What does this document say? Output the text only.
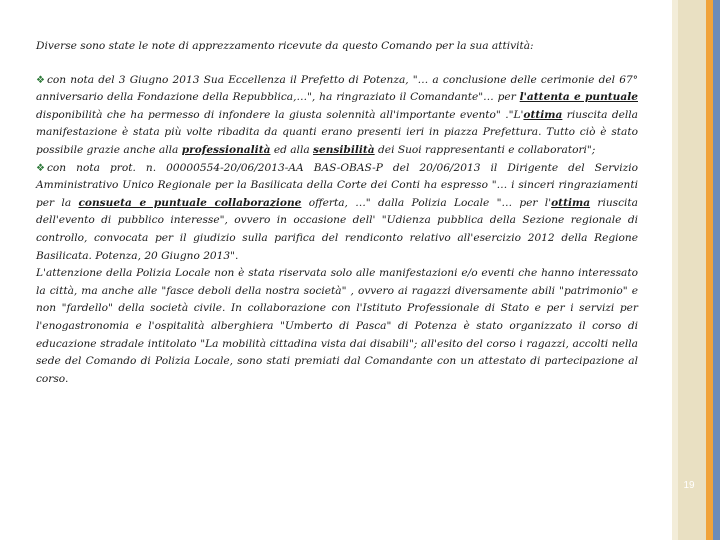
Diverse sono state le note di apprezzamento ricevute da questo Comando per la sua attività:

❖ con nota del 3 Giugno 2013 Sua Eccellenza il Prefetto di Potenza, "… a conclusione delle cerimonie del 67° anniversario della Fondazione della Repubblica,…", ha ringraziato il Comandante"… per l'attenta e puntuale disponibilità che ha permesso di infondere la giusta solennità all'importante evento" ."L'ottima riuscita della manifestazione è stata più volte ribadita da quanti erano presenti ieri in piazza Prefettura. Tutto ciò è stato possibile grazie anche alla professionalità ed alla sensibilità dei Suoi rappresentanti e collaboratori";

❖ con nota prot. n. 00000554-20/06/2013-AA BAS-OBAS-P del 20/06/2013 il Dirigente del Servizio Amministrativo Unico Regionale per la Basilicata della Corte dei Conti ha espresso "… i sinceri ringraziamenti per la consueta e puntuale collaborazione offerta, …" dalla Polizia Locale "… per l'ottima riuscita dell'evento di pubblico interesse", ovvero in occasione dell' "Udienza pubblica della Sezione regionale di controllo, convocata per il giudizio sulla parifica del rendiconto relativo all'esercizio 2012 della Regione Basilicata. Potenza, 20 Giugno 2013".

L'attenzione della Polizia Locale non è stata riservata solo alle manifestazioni e/o eventi che hanno interessato la città, ma anche alle "fasce deboli della nostra società" , ovvero ai ragazzi diversamente abili "patrimonio" e non "fardello" della società civile. In collaborazione con l'Istituto Professionale di Stato e per i servizi per l'enogastronomia e l'ospitalità alberghiera "Umberto di Pasca" di Potenza è stato organizzato il corso di educazione stradale intitolato "La mobilità cittadina vista dai disabili"; all'esito del corso i ragazzi, accolti nella sede del Comando di Polizia Locale, sono stati premiati dal Comandante con un attestato di partecipazione al corso.

19
